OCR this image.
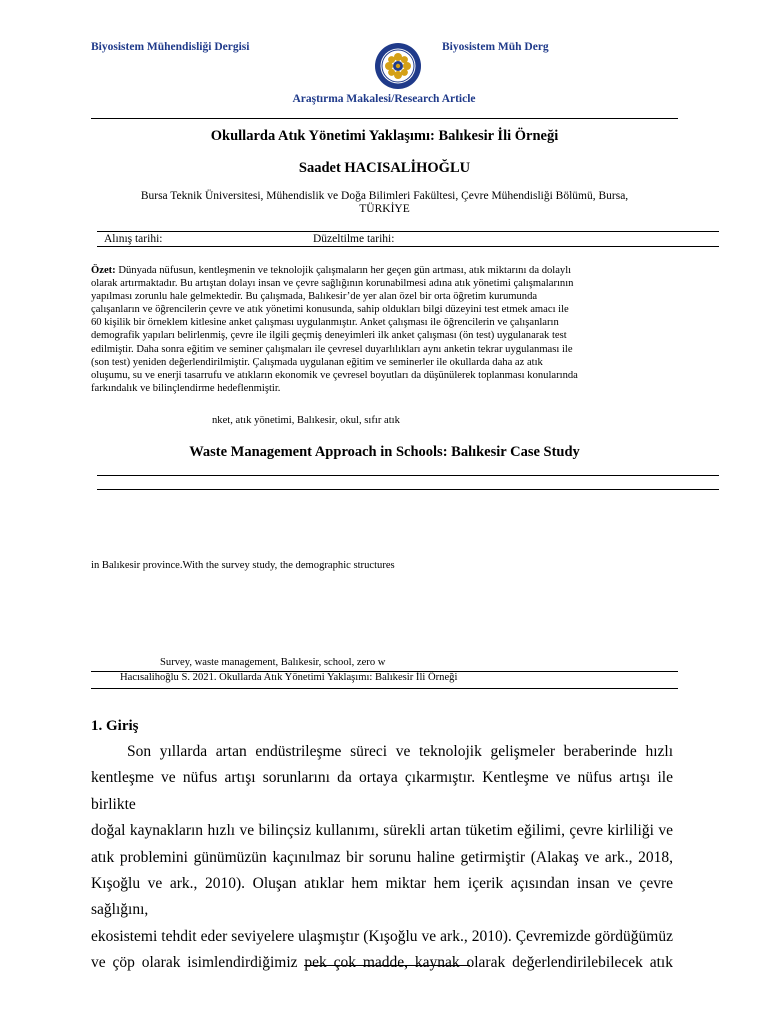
Biyosistem Mühendisliği Dergisi	Biyosistem Müh Derg
Araştırma Makalesi/Research Article
Okullarda Atık Yönetimi Yaklaşımı: Balıkesir İli Örneği
Saadet HACISALİHOĞLU
Bursa Teknik Üniversitesi, Mühendislik ve Doğa Bilimleri Fakültesi, Çevre Mühendisliği Bölümü, Bursa,
TÜRKİYE
Alınış tarihi:	Düzeltilme tarihi:

Özet: Dünyada nüfusun, kentleşmenin ve teknolojik çalışmaların her geçen gün artması, atık miktarını da dolaylı

olarak artırmaktadır. Bu artıştan dolayı insan ve çevre sağlığının korunabilmesi adına atık yönetimi çalışmalarının

yapılması zorunlu hale gelmektedir. Bu çalışmada, Balıkesir’de yer alan özel bir orta öğretim kurumunda

çalışanların ve öğrencilerin çevre ve atık yönetimi konusunda, sahip oldukları bilgi düzeyini test etmek amacı ile

60 kişilik bir örneklem kitlesine anket çalışması uygulanmıştır. Anket çalışması ile öğrencilerin ve çalışanların

demografik yapıları belirlenmiş, çevre ile ilgili geçmiş deneyimleri ilk anket çalışması (ön test) uygulanarak test

edilmiştir. Daha sonra eğitim ve seminer çalışmaları ile çevresel duyarlılıkları aynı anketin tekrar uygulanması ile

(son test) yeniden değerlendirilmiştir. Çalışmada uygulanan eğitim ve seminerler ile okullarda daha az atık

oluşumu, su ve enerji tasarrufu ve atıkların ekonomik ve çevresel boyutları da düşünülerek toplanması konularında

farkındalık ve bilinçlendirme hedeflenmiştir.

nket, atık yönetimi, Balıkesir, okul, sıfır atık
Waste Management Approach in Schools: Balıkesir Case Study
in Balıkesir province.With the survey study, the demographic structures
Survey, waste management, Balıkesir, school, zero w
Hacısalihoğlu S. 2021. Okullarda Atık Yönetimi Yaklaşımı: Balıkesir İli Örneği
1. Giriş
Son yıllarda artan endüstrileşme süreci ve teknolojik gelişmeler beraberinde hızlı
kentleşme ve nüfus artışı sorunlarını da ortaya çıkarmıştır. Kentleşme ve nüfus artışı ile birlikte
doğal kaynakların hızlı ve bilinçsiz kullanımı, sürekli artan tüketim eğilimi, çevre kirliliği ve
atık problemini günümüzün kaçınılmaz bir sorunu haline getirmiştir (Alakaş ve ark., 2018,
Kışoğlu ve ark., 2010). Oluşan atıklar hem miktar hem içerik açısından insan ve çevre sağlığını,
ekosistemi tehdit eder seviyelere ulaşmıştır (Kışoğlu ve ark., 2010). Çevremizde gördüğümüz
ve çöp olarak isimlendirdiğimiz pek çok madde, kaynak olarak değerlendirilebilecek atık
